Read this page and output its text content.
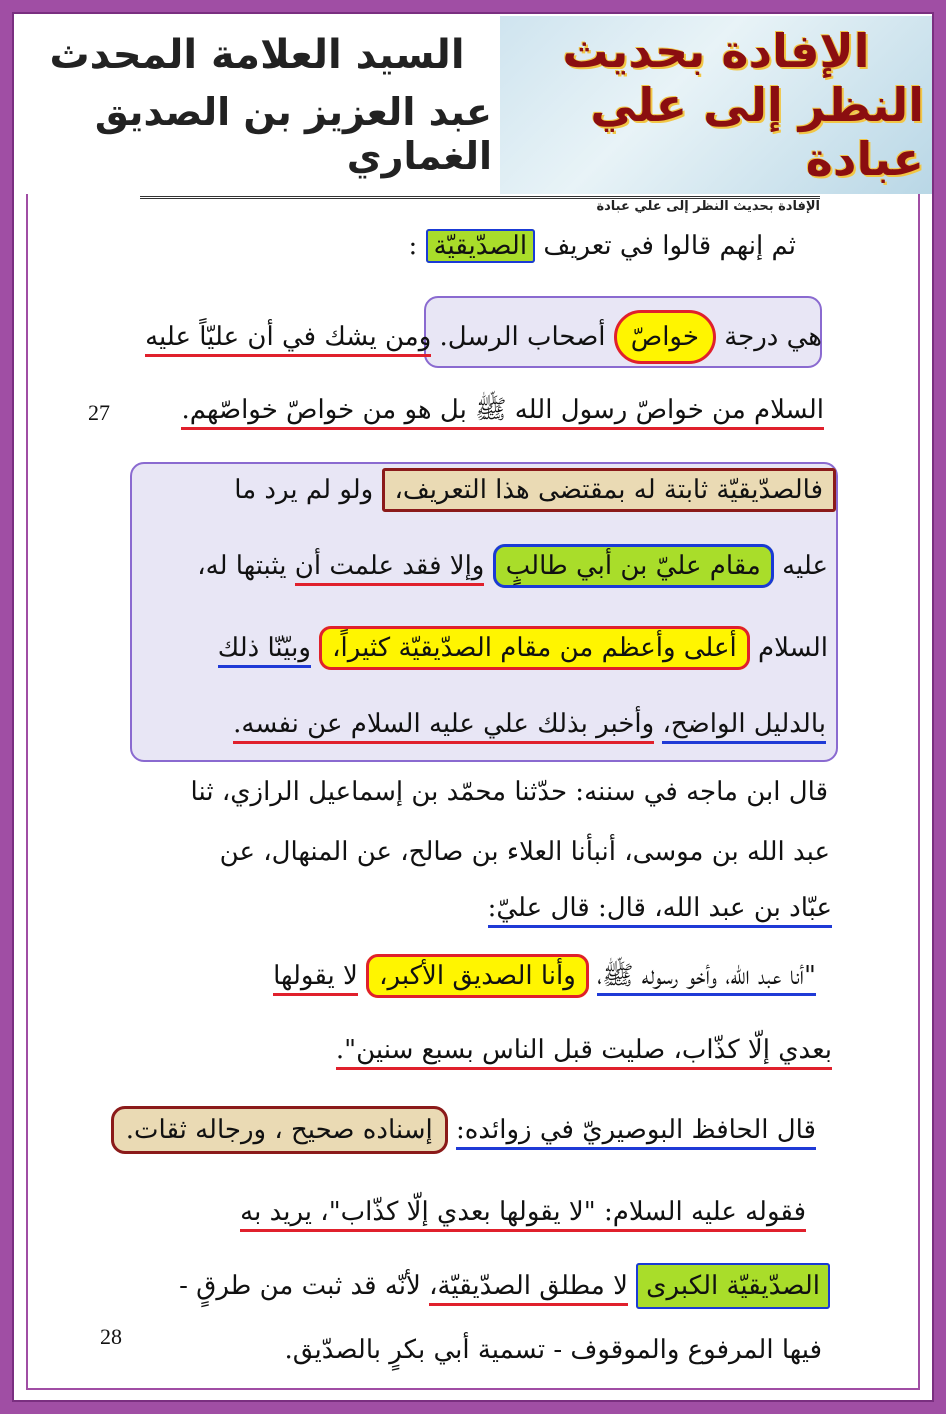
السيد العلامة المحدث
عبد العزيز بن الصديق الغماري
الإفادة بحديث
النظر إلى علي عبادة
الإفادة بحديث النظر إلى علي عبادة
ثم إنهم قالوا في تعريف الصدّيقيّة :
هي درجة خواصّ أصحاب الرسل. ومن يشك في أن عليّاً عليه
السلام من خواصّ رسول الله ﷺ بل هو من خواصّ خواصّهم.
27
فالصدّيقيّة ثابتة له بمقتضى هذا التعريف، ولو لم يرد ما
عليه مقام عليّ بن أبي طالبٍ وإلا فقد علمت أن يثبتها له،
السلام أعلى وأعظم من مقام الصدّيقيّة كثيراً، وبيّنّا ذلك
بالدليل الواضح، وأخبر بذلك علي عليه السلام عن نفسه.
قال ابن ماجه في سننه: حدّثنا محمّد بن إسماعيل الرازي، ثنا
عبد الله بن موسى، أنبأنا العلاء بن صالح، عن المنهال، عن
عبّاد بن عبد الله، قال: قال عليّ:
"أنا عبد الله، وأخو رسوله ﷺ، وأنا الصديق الأكبر، لا يقولها
بعدي إلّا كذّاب، صليت قبل الناس بسبع سنين".
قال الحافظ البوصيريّ في زوائده: إسناده صحيح ، ورجاله ثقات.
فقوله عليه السلام: "لا يقولها بعدي إلّا كذّاب"، يريد به
الصدّيقيّة الكبرى لا مطلق الصدّيقيّة، لأنّه قد ثبت من طرقٍ -
28	فيها المرفوع والموقوف - تسمية أبي بكرٍ بالصدّيق.
